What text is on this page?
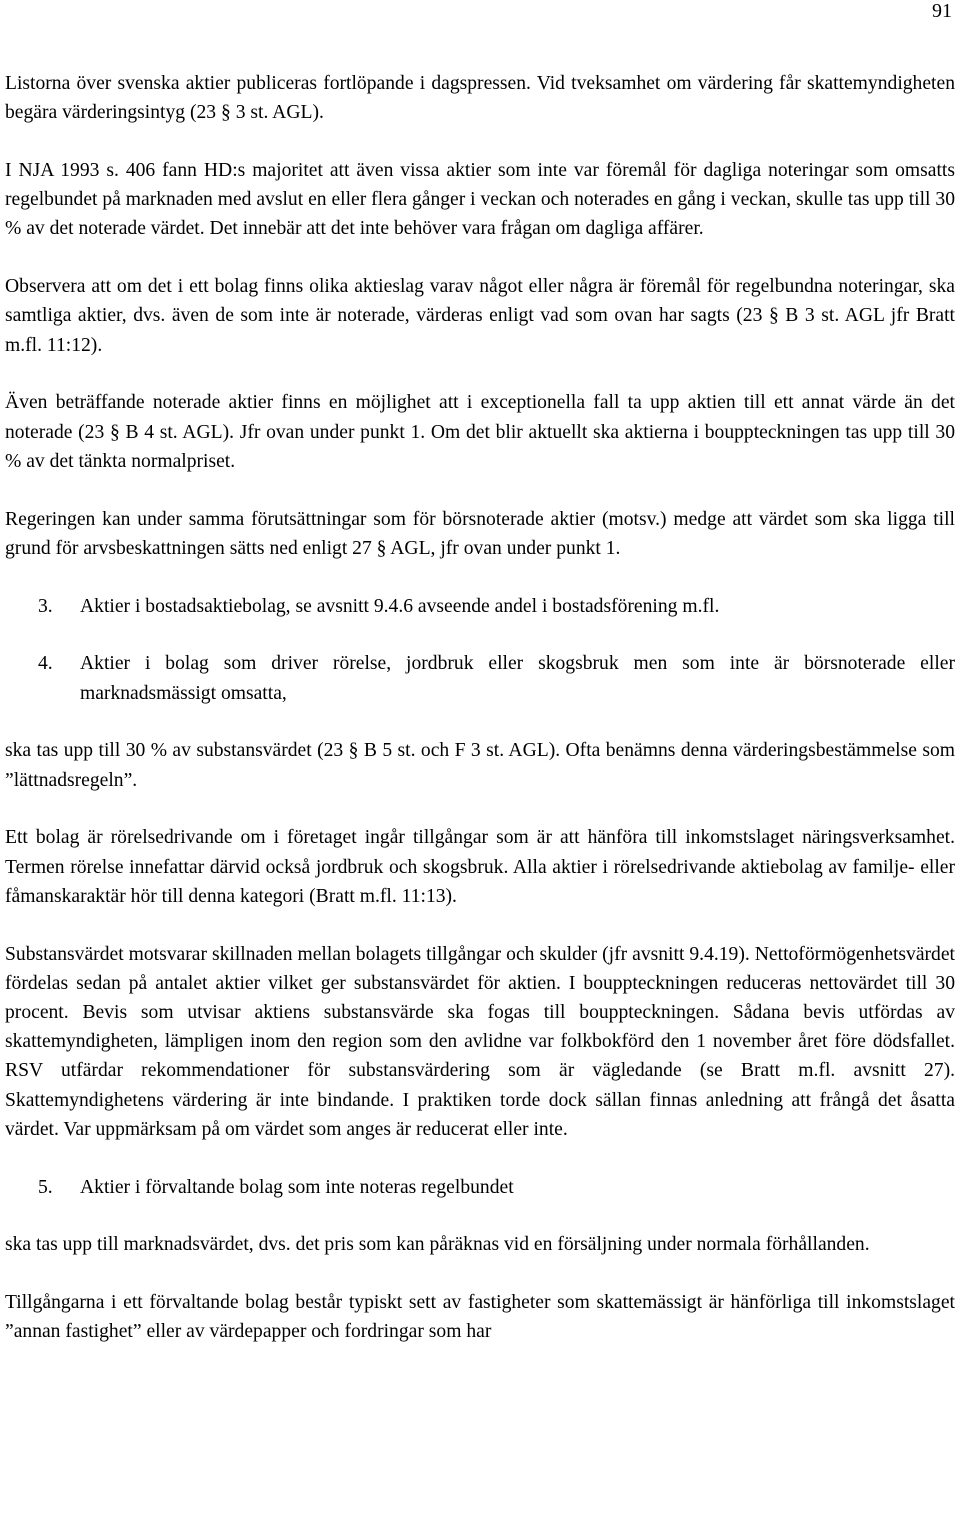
91

Listorna över svenska aktier publiceras fortlöpande i dagspressen. Vid tveksamhet om värdering får skattemyndigheten begära värderingsintyg (23 § 3 st. AGL).

I NJA 1993 s. 406 fann HD:s majoritet att även vissa aktier som inte var föremål för dagliga noteringar som omsatts regelbundet på marknaden med avslut en eller flera gånger i veckan och noterades en gång i veckan, skulle tas upp till 30 % av det noterade värdet. Det innebär att det inte behöver vara frågan om dagliga affärer.

Observera att om det i ett bolag finns olika aktieslag varav något eller några är föremål för regelbundna noteringar, ska samtliga aktier, dvs. även de som inte är noterade, värderas enligt vad som ovan har sagts (23 § B 3 st. AGL jfr Bratt m.fl. 11:12).

Även beträffande noterade aktier finns en möjlighet att i exceptionella fall ta upp aktien till ett annat värde än det noterade (23 § B 4 st. AGL). Jfr ovan under punkt 1. Om det blir aktuellt ska aktierna i bouppteckningen tas upp till 30 % av det tänkta normalpriset.

Regeringen kan under samma förutsättningar som för börsnoterade aktier (motsv.) medge att värdet som ska ligga till grund för arvsbeskattningen sätts ned enligt 27 § AGL, jfr ovan under punkt 1.

3.	Aktier i bostadsaktiebolag, se avsnitt 9.4.6 avseende andel i bostadsförening m.fl.
4.	Aktier i bolag som driver rörelse, jordbruk eller skogsbruk men som inte är börsnoterade eller marknadsmässigt omsatta,

ska tas upp till 30 % av substansvärdet (23 § B 5 st. och F 3 st. AGL). Ofta benämns denna värderingsbestämmelse som ”lättnadsregeln”.

Ett bolag är rörelsedrivande om i företaget ingår tillgångar som är att hänföra till inkomstslaget näringsverksamhet. Termen rörelse innefattar därvid också jordbruk och skogsbruk. Alla aktier i rörelsedrivande aktiebolag av familje- eller fåmanskaraktär hör till denna kategori (Bratt m.fl. 11:13).

Substansvärdet motsvarar skillnaden mellan bolagets tillgångar och skulder (jfr avsnitt 9.4.19). Nettoförmögenhetsvärdet fördelas sedan på antalet aktier vilket ger substansvärdet för aktien. I bouppteckningen reduceras nettovärdet till 30 procent. Bevis som utvisar aktiens substansvärde ska fogas till bouppteckningen. Sådana bevis utfördas av skattemyndigheten, lämpligen inom den region som den avlidne var folkbokförd den 1 november året före dödsfallet. RSV utfärdar rekommendationer för substansvärdering som är vägledande (se Bratt m.fl. avsnitt 27). Skattemyndighetens värdering är inte bindande. I praktiken torde dock sällan finnas anledning att frångå det åsatta värdet. Var uppmärksam på om värdet som anges är reducerat eller inte.

5.	Aktier i förvaltande bolag som inte noteras regelbundet

ska tas upp till marknadsvärdet, dvs. det pris som kan påräknas vid en försäljning under normala förhållanden.

Tillgångarna i ett förvaltande bolag består typiskt sett av fastigheter som skattemässigt är hänförliga till inkomstslaget ”annan fastighet” eller av värdepapper och fordringar som har
